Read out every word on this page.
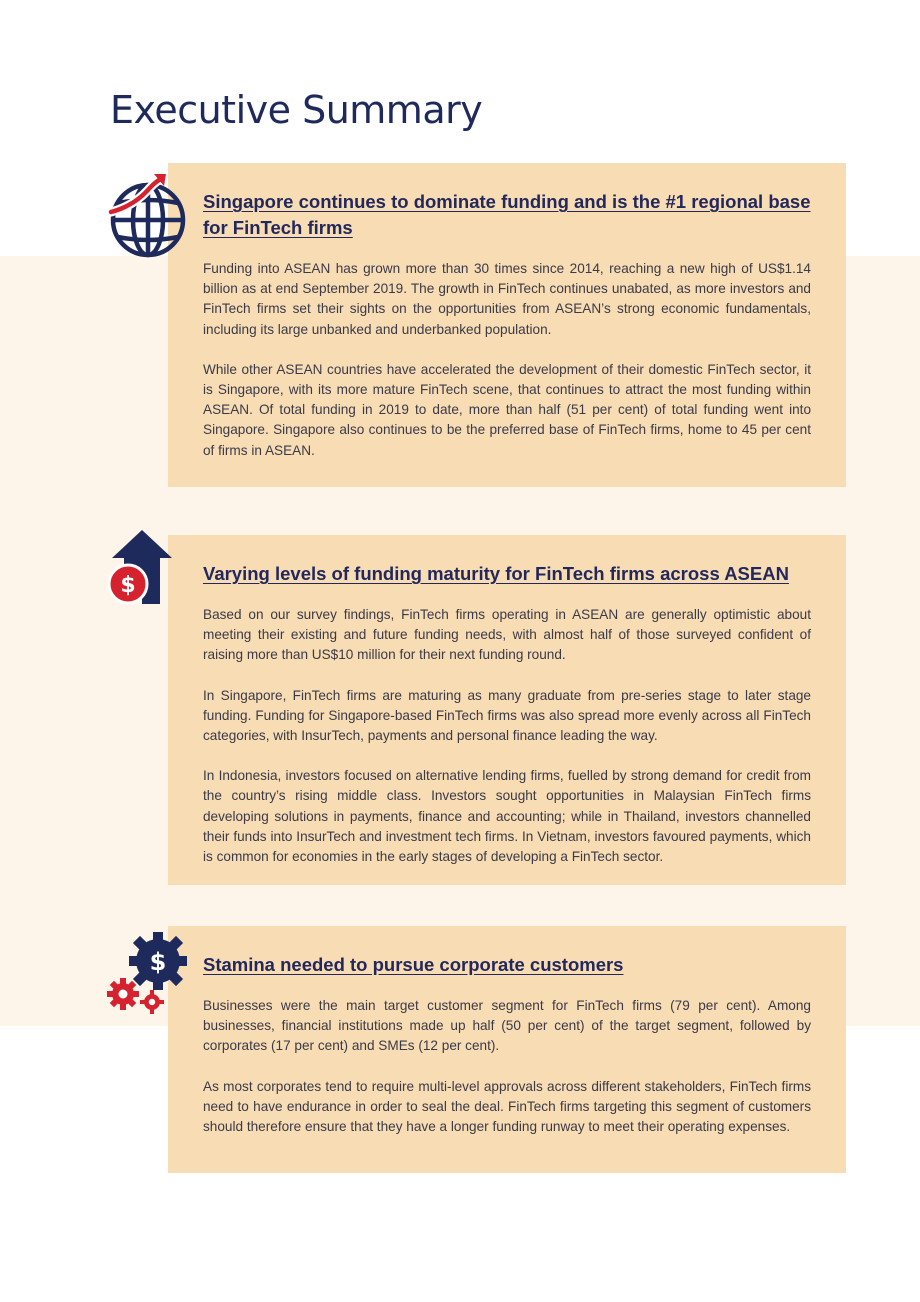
Executive Summary
Singapore continues to dominate funding and is the #1 regional base for FinTech firms

Funding into ASEAN has grown more than 30 times since 2014, reaching a new high of US$1.14 billion as at end September 2019. The growth in FinTech continues unabated, as more investors and FinTech firms set their sights on the opportunities from ASEAN’s strong economic fundamentals, including its large unbanked and underbanked population.

While other ASEAN countries have accelerated the development of their domestic FinTech sector, it is Singapore, with its more mature FinTech scene, that continues to attract the most funding within ASEAN. Of total funding in 2019 to date, more than half (51 per cent) of total funding went into Singapore. Singapore also continues to be the preferred base of FinTech firms, home to 45 per cent of firms in ASEAN.

Varying levels of funding maturity for FinTech firms across ASEAN

Based on our survey findings, FinTech firms operating in ASEAN are generally optimistic about meeting their existing and future funding needs, with almost half of those surveyed confident of raising more than US$10 million for their next funding round.

In Singapore, FinTech firms are maturing as many graduate from pre-series stage to later stage funding. Funding for Singapore-based FinTech firms was also spread more evenly across all FinTech categories, with InsurTech, payments and personal finance leading the way.

In Indonesia, investors focused on alternative lending firms, fuelled by strong demand for credit from the country’s rising middle class. Investors sought opportunities in Malaysian FinTech firms developing solutions in payments, finance and accounting; while in Thailand, investors channelled their funds into InsurTech and investment tech firms. In Vietnam, investors favoured payments, which is common for economies in the early stages of developing a FinTech sector.

Stamina needed to pursue corporate customers

Businesses were the main target customer segment for FinTech firms (79 per cent). Among businesses, financial institutions made up half (50 per cent) of the target segment, followed by corporates (17 per cent) and SMEs (12 per cent).

As most corporates tend to require multi-level approvals across different stakeholders, FinTech firms need to have endurance in order to seal the deal. FinTech firms targeting this segment of customers should therefore ensure that they have a longer funding runway to meet their operating expenses.

$
$
